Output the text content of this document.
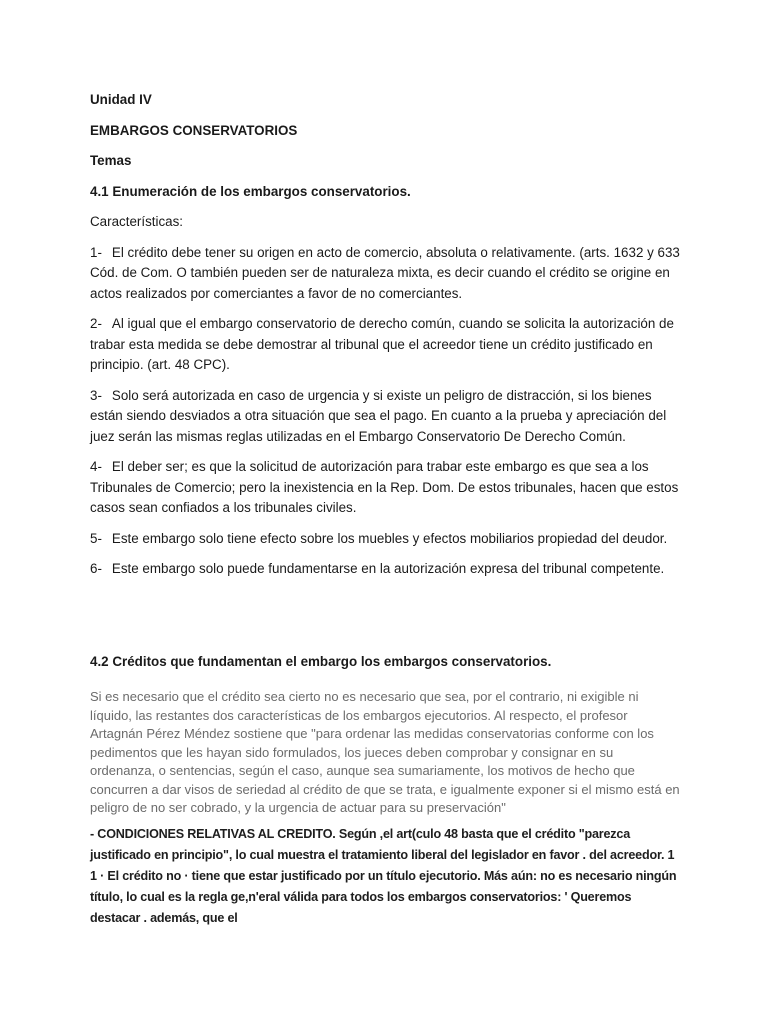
Unidad IV

EMBARGOS CONSERVATORIOS

Temas

4.1 Enumeración de los embargos conservatorios.

Características:

1- El crédito debe tener su origen en acto de comercio, absoluta o relativamente. (arts. 1632 y 633 Cód. de Com. O también pueden ser de naturaleza mixta, es decir cuando el crédito se origine en actos realizados por comerciantes a favor de no comerciantes.

2- Al igual que el embargo conservatorio de derecho común, cuando se solicita la autorización de trabar esta medida se debe demostrar al tribunal que el acreedor tiene un crédito justificado en principio. (art. 48 CPC).

3- Solo será autorizada en caso de urgencia y si existe un peligro de distracción, si los bienes están siendo desviados a otra situación que sea el pago. En cuanto a la prueba y apreciación del juez serán las mismas reglas utilizadas en el Embargo Conservatorio De Derecho Común.

4- El deber ser; es que la solicitud de autorización para trabar este embargo es que sea a los Tribunales de Comercio; pero la inexistencia en la Rep. Dom. De estos tribunales, hacen que estos casos sean confiados a los tribunales civiles.

5- Este embargo solo tiene efecto sobre los muebles y efectos mobiliarios propiedad del deudor.

6- Este embargo solo puede fundamentarse en la autorización expresa del tribunal competente.

4.2 Créditos que fundamentan el embargo los embargos conservatorios.

Si es necesario que el crédito sea cierto no es necesario que sea, por el contrario, ni exigible ni líquido, las restantes dos características de los embargos ejecutorios. Al respecto, el profesor Artagnán Pérez Méndez sostiene que "para ordenar las medidas conservatorias conforme con los pedimentos que les hayan sido formulados, los jueces deben comprobar y consignar en su ordenanza, o sentencias, según el caso, aunque sea sumariamente, los motivos de hecho que concurren a dar visos de seriedad al crédito de que se trata, e igualmente exponer si el mismo está en peligro de no ser cobrado, y la urgencia de actuar para su preservación"

- CONDICIONES RELATIVAS AL CREDITO. Según ,el art(culo 48 basta que el crédito "parezca justificado en principio", lo cual muestra el tratamiento liberal del legislador en favor . del acreedor. 1 1 · El crédito no · tiene que estar justificado por un título ejecutorio. Más aún: no es necesario ningún título, lo cual es la regla ge,n'eral válida para todos los embargos conservatorios: ' Queremos destacar . además, que el
